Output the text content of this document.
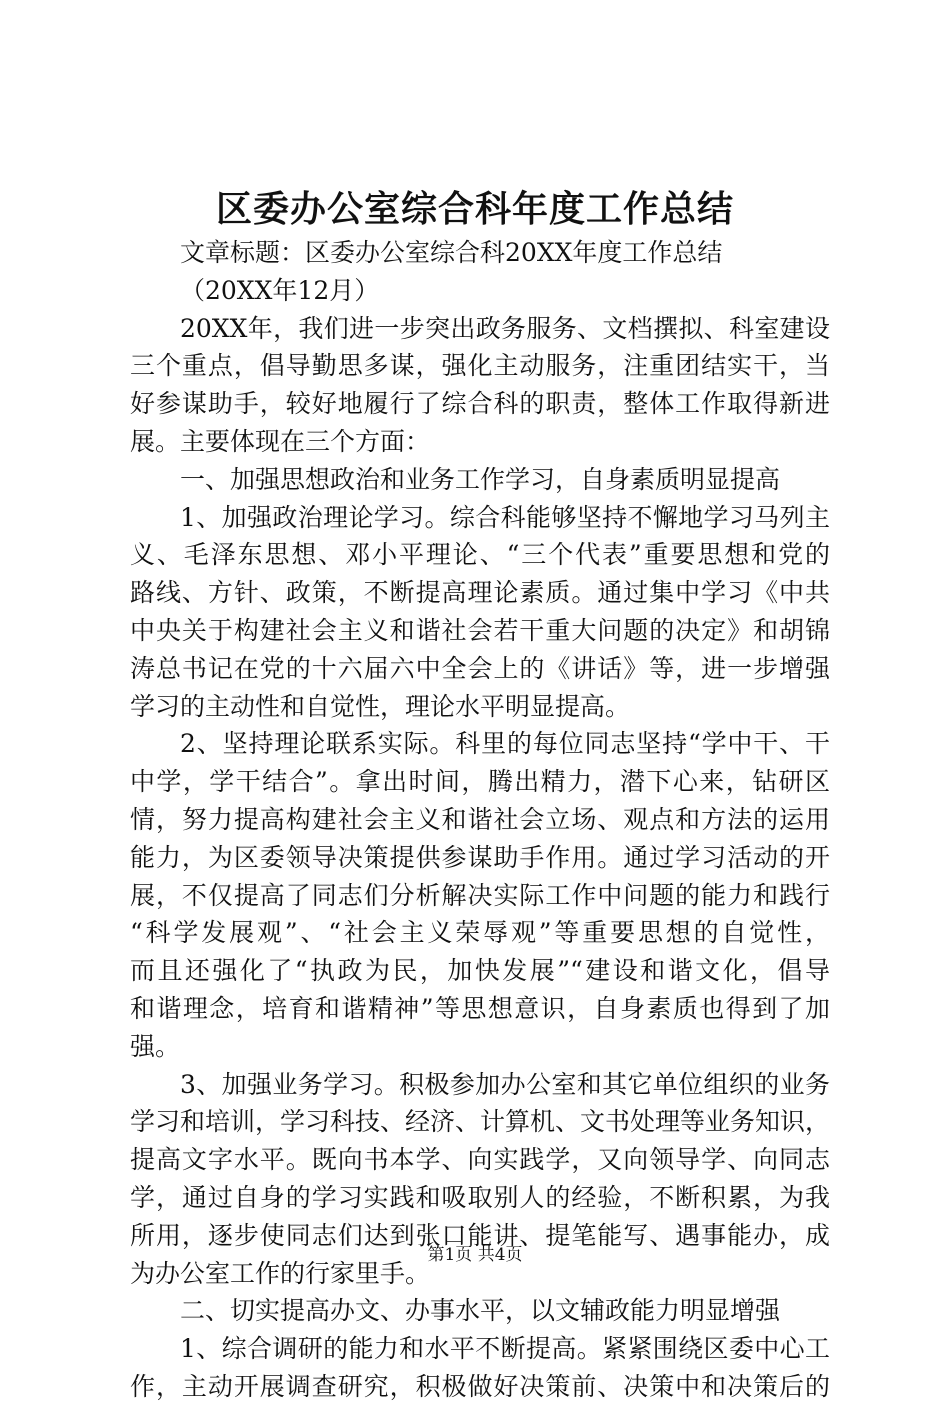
区委办公室综合科年度工作总结
文章标题：区委办公室综合科20XX年度工作总结
（20XX年12月）
20XX年，我们进一步突出政务服务、文档撰拟、科室建设
三个重点，倡导勤思多谋，强化主动服务，注重团结实干，当
好参谋助手，较好地履行了综合科的职责，整体工作取得新进
展。主要体现在三个方面：
一、加强思想政治和业务工作学习，自身素质明显提高
1、加强政治理论学习。综合科能够坚持不懈地学习马列主
义、毛泽东思想、邓小平理论、“三个代表”重要思想和党的
路线、方针、政策，不断提高理论素质。通过集中学习《中共
中央关于构建社会主义和谐社会若干重大问题的决定》和胡锦
涛总书记在党的十六届六中全会上的《讲话》等，进一步增强
学习的主动性和自觉性，理论水平明显提高。
2、坚持理论联系实际。科里的每位同志坚持“学中干、干
中学，学干结合”。拿出时间，腾出精力，潜下心来，钻研区
情，努力提高构建社会主义和谐社会立场、观点和方法的运用
能力，为区委领导决策提供参谋助手作用。通过学习活动的开
展，不仅提高了同志们分析解决实际工作中问题的能力和践行
“科学发展观”、“社会主义荣辱观”等重要思想的自觉性，
而且还强化了“执政为民，加快发展”“建设和谐文化，倡导
和谐理念，培育和谐精神”等思想意识，自身素质也得到了加
强。
3、加强业务学习。积极参加办公室和其它单位组织的业务
学习和培训，学习科技、经济、计算机、文书处理等业务知识，
提高文字水平。既向书本学、向实践学，又向领导学、向同志
学，通过自身的学习实践和吸取别人的经验，不断积累，为我
所用，逐步使同志们达到张口能讲、提笔能写、遇事能办，成
为办公室工作的行家里手。
二、切实提高办文、办事水平，以文辅政能力明显增强
1、综合调研的能力和水平不断提高。紧紧围绕区委中心工
作，主动开展调查研究，积极做好决策前、决策中和决策后的
第1页 共4页
